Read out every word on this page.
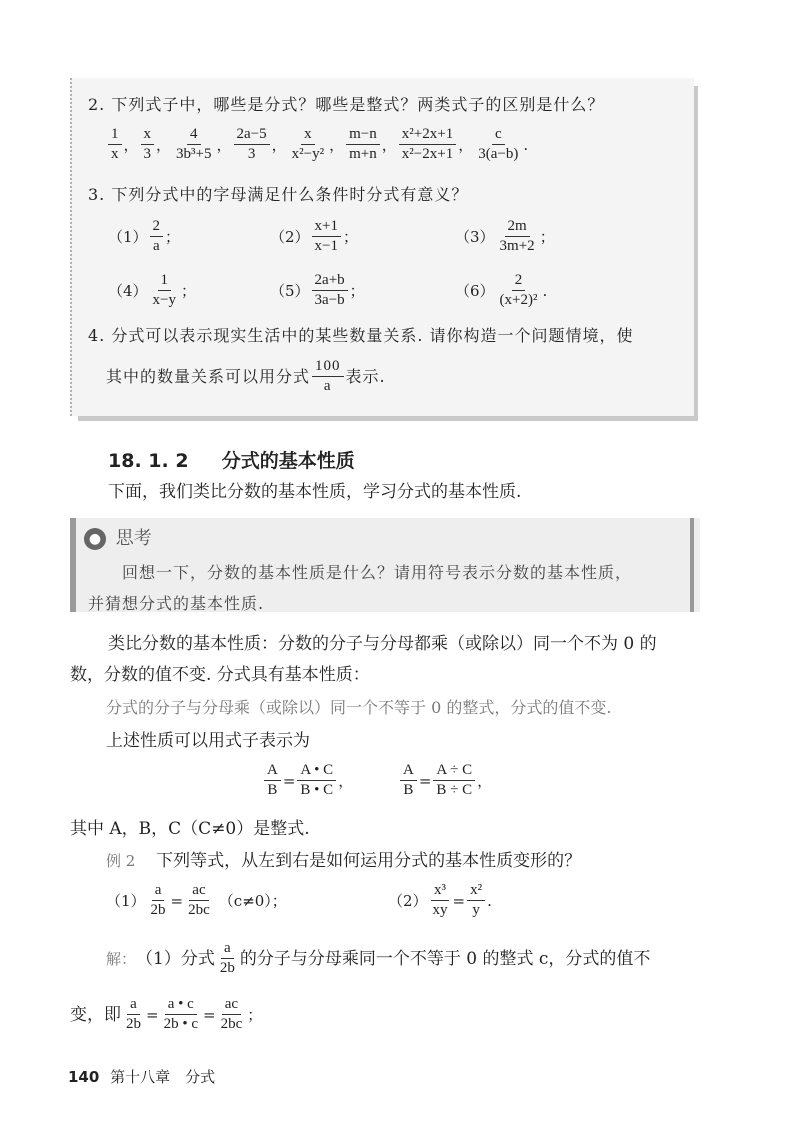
2. 下列式子中，哪些是分式？哪些是整式？两类式子的区别是什么？
$\frac{1}{x}$ ， $\frac{x}{3}$ ， $\frac{4}{\text{3b³+5}}$ ， $\frac{2a-5}{3}$ ， $\frac{x}{\text{x²−y²}}$ ， $\frac{m-n}{m+n}$ ， $\frac{\text{x²+2x+1}}{\text{x²−2x+1}}$ ， $\frac{c}{3(a-b)}$ .
3. 下列分式中的字母满足什么条件时分式有意义？
$(1) \frac{2}{a}$ ；	$(2) \frac{x+1}{x-1}$ ；	$(3) \frac{2m}{3m+2}$ ；
$(4) \frac{1}{x-y}$ ；	$(5) \frac{2a+b}{3a-b}$ ；	$(6) \frac{2}{\text{(x+2)²}}$ .
4. 分式可以表示现实生活中的某些数量关系. 请你构造一个问题情境，使
其中的数量关系可以用分式 $\frac{100}{a}$ 表示.
18. 1. 2 分式的基本性质
下面，我们类比分数的基本性质，学习分式的基本性质.
● 思考
回想一下，分数的基本性质是什么？请用符号表示分数的基本性质，
并猜想分式的基本性质.
类比分数的基本性质：分数的分子与分母都乘（或除以）同一个不为 0 的
数，分数的值不变. 分式具有基本性质：
分式的分子与分母乘（或除以）同一个不等于 0 的整式，分式的值不变.
上述性质可以用式子表示为
$\frac{A}{B} = \frac{A • C}{B • C}$ ，	$\frac{A}{B} = \frac{A \div C}{B \div C}$ ，
其中 A，B，C（C≠0）是整式.
例 2 下列等式，从左到右是如何运用分式的基本性质变形的？
$(1) \frac{a}{2b} = \frac{ac}{2bc} (c\ne 0)$；	$(2) \frac{\text{x³}}{xy} = \frac{\text{x²}}{y}$ .
解： （1）分式 $\frac{a}{2b}$ 的分子与分母乘同一个不等于 0 的整式 c，分式的值不
变，即 $\frac{a}{2b} = \frac{a • c}{2b • c} = \frac{ac}{2bc}$ ；
140 第十八章　分式
